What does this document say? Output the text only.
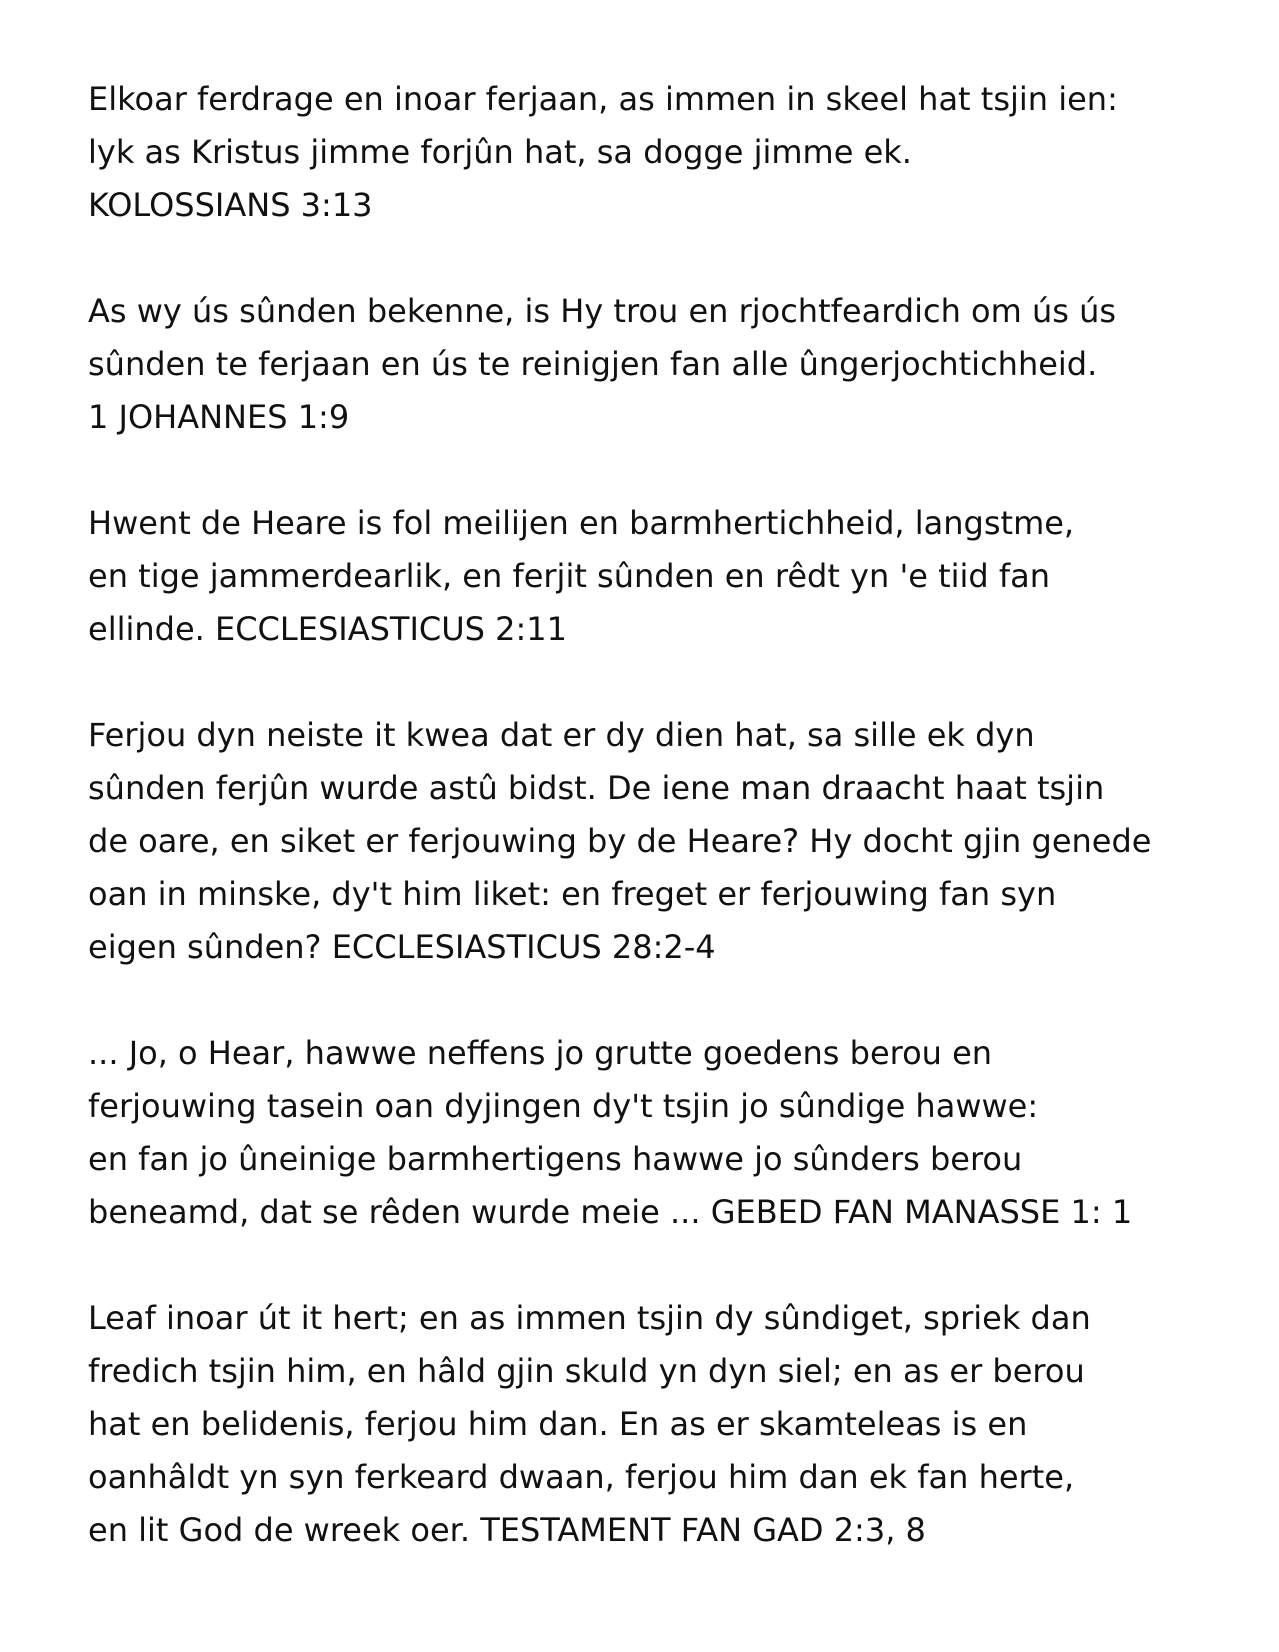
Elkoar ferdrage en inoar ferjaan, as immen in skeel hat tsjin ien:
lyk as Kristus jimme forjûn hat, sa dogge jimme ek.
KOLOSSIANS 3:13
As wy ús sûnden bekenne, is Hy trou en rjochtfeardich om ús ús
sûnden te ferjaan en ús te reinigjen fan alle ûngerjochtichheid.
1 JOHANNES 1:9
Hwent de Heare is fol meilijen en barmhertichheid, langstme,
en tige jammerdearlik, en ferjit sûnden en rêdt yn 'e tiid fan
ellinde. ECCLESIASTICUS 2:11
Ferjou dyn neiste it kwea dat er dy dien hat, sa sille ek dyn
sûnden ferjûn wurde astû bidst. De iene man draacht haat tsjin
de oare, en siket er ferjouwing by de Heare? Hy docht gjin genede
oan in minske, dy't him liket: en freget er ferjouwing fan syn
eigen sûnden? ECCLESIASTICUS 28:2-4
... Jo, o Hear, hawwe neffens jo grutte goedens berou en
ferjouwing tasein oan dyjingen dy't tsjin jo sûndige hawwe:
en fan jo ûneinige barmhertigens hawwe jo sûnders berou
beneamd, dat se rêden wurde meie ... GEBED FAN MANASSE 1: 1
Leaf inoar út it hert; en as immen tsjin dy sûndiget, spriek dan
fredich tsjin him, en hâld gjin skuld yn dyn siel; en as er berou
hat en belidenis, ferjou him dan. En as er skamteleas is en
oanhâldt yn syn ferkeard dwaan, ferjou him dan ek fan herte,
en lit God de wreek oer. TESTAMENT FAN GAD 2:3, 8
